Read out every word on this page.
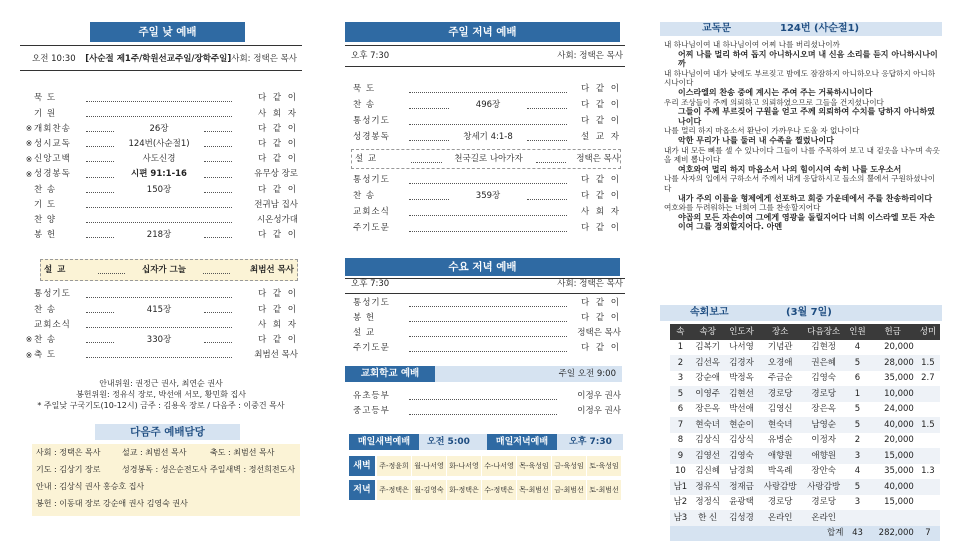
주일 낮 예배
오전 10:30	[사순절 제1주/학원선교주일/장학주일] 사회: 정택은 목사
묵 도	다 같 이
기 원	사 회 자
※ 개회찬송	26장	다 같 이
※ 성시교독	124번(사순절1)	다 같 이
※ 신앙고백	사도신경	다 같 이
※ 성경봉독	시편 91:1-16	유무상 장로
찬 송	150장	다 같 이
기 도	전귀남 집사
찬 양	시온성가대
봉 헌	218장	다 같 이
설 교	십자가 그늘	최범선 목사
통성기도	다 같 이
찬 송	415장	다 같 이
교회소식	사 회 자
※ 찬 송	330장	다 같 이
※ 축 도	최범선 목사
안내위원: 권정근 권사, 최연순 권사
봉헌위원: 정유식 장로, 박선애 서모, 황민화 집사
* 주일낮 구국기도(10-12시) 금주 : 김용옥 장로 / 다음주 : 이중건 목사
다음주 예배담당
사회 : 정택은 목사	설교 : 최범선 목사	축도 : 최범선 목사
기도 : 김상기 장로	성경봉독 : 성은순전도사 주일새벽 : 정선희전도사
안내 : 김상식 권사 홍승호 집사
봉헌 : 이동대 장로 강순애 권사 김영숙 권사
주일 저녁 예배
오후 7:30	사회: 정택은 목사
묵 도	다 같 이
찬 송	496장	다 같 이
통성기도	다 같 이
성경봉독	창세기 4:1-8	설 교 자
설 교	천국길로 나아가자	정택은 목사
통성기도	다 같 이
찬 송	359장	다 같 이
교회소식	사 회 자
주기도문	다 같 이
수요 저녁 예배
오후 7:30	사회: 정택은 목사
통성기도	다 같 이
봉 헌	다 같 이
설 교	정택은 목사
주기도문	다 같 이
교회학교 예배	주일 오전 9:00
유초등부	이정우 권사
중고등부	이정우 권사
매일새벽예배	오전 5:00	매일저녁예배	오후 7:30
새벽	주-정윤희 월-나서영 화-나서영 수-나서영 목-육성임 금-육성임 토-육성임
저녁	주-정택은 월-김영숙 화-정택은 수-정택은 목-최범선 금-최범선 토-최범선
교독문	124번 (사순절1)
내 하나님이여 내 하나님이여 어찌 나를 버리셨나이까
어찌 나를 멀리 하여 돕지 아니하시오며 내 신음 소리를 듣지 아니하시나이까
내 하나님이여 내가 낮에도 부르짖고 밤에도 잠잠하지 아니하오나 응답하지 아니하시나이다
이스라엘의 찬송 중에 계시는 주여 주는 거룩하시니이다
우리 조상들이 주께 의뢰하고 의뢰하였으므로 그들을 건지셨나이다
그들이 주께 부르짖어 구원을 얻고 주께 의뢰하여 수치를 당하지 아니하였나이다
나를 멀리 하지 마옵소서 환난이 가까우나 도울 자 없나이다
악한 무리가 나를 둘러 내 수족을 찔렀나이다
내가 내 모든 뼈를 셀 수 있나이다 그들이 나를 주목하여 보고 내 겉옷을 나누며 속옷을 제비 뽑나이다
여호와여 멀리 하지 마옵소서 나의 힘이시여 속히 나를 도우소서
나를 사자의 입에서 구하소서 주께서 내게 응답하시고 들소의 뿔에서 구원하셨나이다
내가 주의 이름을 형제에게 선포하고 회중 가운데에서 주를 찬송하리이다
여호와를 두려워하는 너희여 그를 찬송할지어다
야곱의 모든 자손이여 그에게 영광을 돌릴지어다 너희 이스라엘 모든 자손이여 그를 경외할지어다. 아멘
속회보고	(3월 7일)
속	속장	인도자	장소	다음장소	인원	헌금	성미
1	김복기	나서영	기념관	김현정	4	20,000	
2	김선옥	김경자	오경애	권은혜	5	28,000	1.5
3	강순애	박정옥	주금순	김영숙	6	35,000	2.7
5	이영주	김현선	경로당	경로당	1	10,000	
6	장은옥	박선애	김영신	장은옥	5	24,000	
7	현숙녀	현순이	현숙녀	남영순	5	40,000	1.5
8	김상식	김상식	유병순	이정자	2	20,000	
9	김영선	김영숙	애향원	애향원	3	15,000	
10	김신혜	남경희	박옥례	장안숙	4	35,000	1.3
남1	정유식	정재금	사랑감방	사랑감방	5	40,000	
남2	정정식	윤광택	경로당	경로당	3	15,000	
남3	한 신	김성경	온라인	온라인			
합계					43	282,000	7
